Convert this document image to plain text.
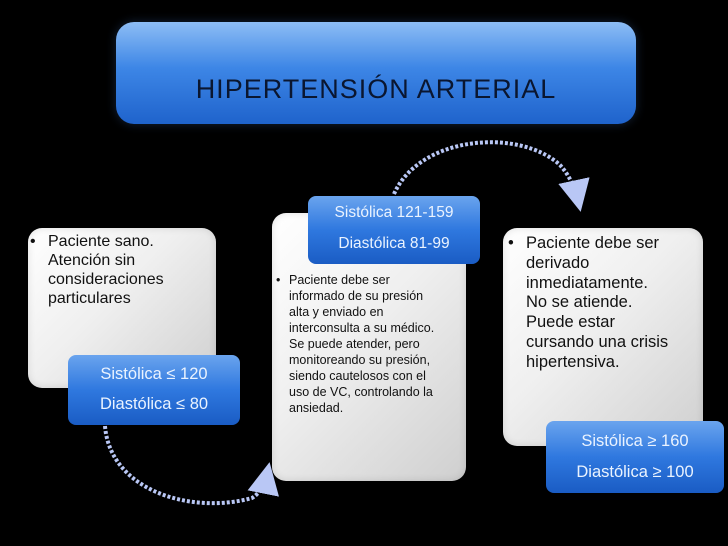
HIPERTENSIÓN ARTERIAL
• Paciente sano.
Atención sin
consideraciones
particulares
• Paciente debe ser
informado de su presión
alta y enviado en
interconsulta a su médico.
Se puede atender, pero
monitoreando su presión,
siendo cautelosos con el
uso de VC, controlando la
ansiedad.
• Paciente debe ser
derivado
inmediatamente.
No se atiende.
Puede estar
cursando una crisis
hipertensiva.
Sistólica ≤ 120
Diastólica ≤ 80
Sistólica 121-159
Diastólica 81-99
Sistólica ≥ 160
Diastólica ≥ 100
